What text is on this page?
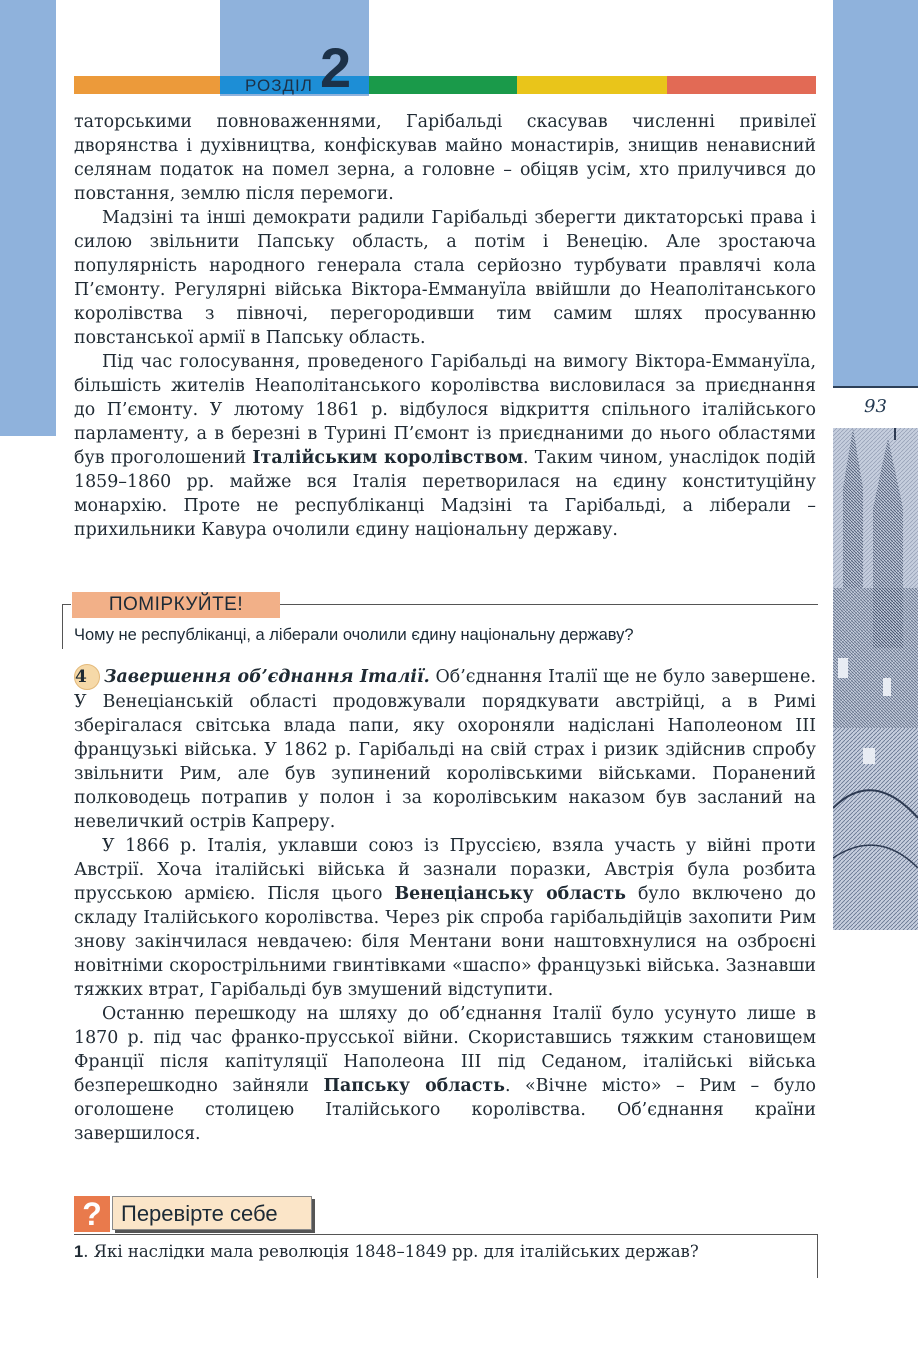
РОЗДІЛ 2
93

таторськими повноваженнями, Гарібальді скасував численні привілеї дворянства і духівництва, конфіскував майно монастирів, знищив ненависний селянам податок на помел зерна, а головне – обіцяв усім, хто прилучився до повстання, землю після перемоги.

Мадзіні та інші демократи радили Гарібальді зберегти диктаторські права і силою звільнити Папську область, а потім і Венецію. Але зростаюча популярність народного генерала стала серйозно турбувати правлячі кола П’ємонту. Регулярні війська Віктора-Еммануїла ввійшли до Неаполітанського королівства з півночі, перегородивши тим самим шлях просуванню повстанської армії в Папську область.

Під час голосування, проведеного Гарібальді на вимогу Віктора-Еммануїла, більшість жителів Неаполітанського королівства висловилася за приєднання до П’ємонту. У лютому 1861 р. відбулося відкриття спільного італійського парламенту, а в березні в Турині П’ємонт із приєднаними до нього областями був проголошений Італійським королівством. Таким чином, унаслідок подій 1859–1860 рр. майже вся Італія перетворилася на єдину конституційну монархію. Проте не республіканці Мадзіні та Гарібальді, а ліберали – прихильники Кавура очолили єдину національну державу.

ПОМІРКУЙТЕ!
Чому не республіканці, а ліберали очолили єдину національну державу?

4 Завершення об’єднання Італії. Об’єднання Італії ще не було завершене. У Венеціанській області продовжували порядкувати австрійці, а в Римі зберігалася світська влада папи, яку охороняли надіслані Наполеоном ІІІ французькі війська. У 1862 р. Гарібальді на свій страх і ризик здійснив спробу звільнити Рим, але був зупинений королівськими військами. Поранений полководець потрапив у полон і за королівським наказом був засланий на невеличкий острів Капреру.

У 1866 р. Італія, уклавши союз із Пруссією, взяла участь у війні проти Австрії. Хоча італійські війська й зазнали поразки, Австрія була розбита прусською армією. Після цього Венеціанську область було включено до складу Італійського королівства. Через рік спроба гарібальдійців захопити Рим знову закінчилася невдачею: біля Ментани вони наштовхнулися на озброєні новітніми скорострільними гвинтівками «шаспо» французькі війська. Зазнавши тяжких втрат, Гарібальді був змушений відступити.

Останню перешкоду на шляху до об’єднання Італії було усунуто лише в 1870 р. під час франко-прусської війни. Скориставшись тяжким становищем Франції після капітуляції Наполеона ІІІ під Седаном, італійські війська безперешкодно зайняли Папську область. «Вічне місто» – Рим – було оголошене столицею Італійського королівства. Об’єднання країни завершилося.

? Перевірте себе
1. Які наслідки мала революція 1848–1849 рр. для італійських держав?
